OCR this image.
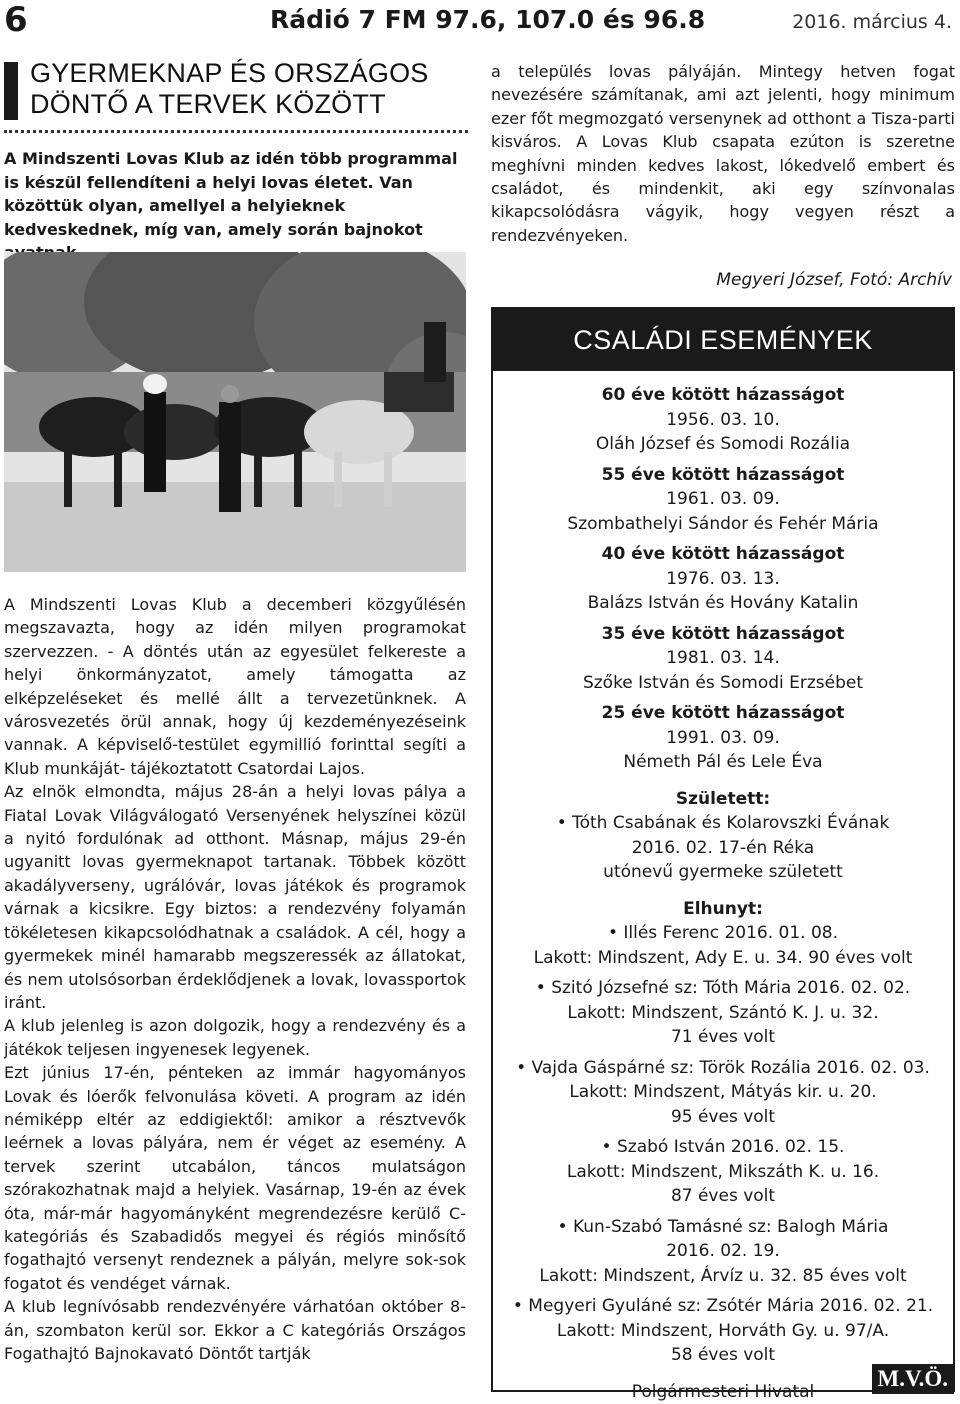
6	Rádió 7 FM 97.6, 107.0 és 96.8	2016. március 4.
GYERMEKNAP ÉS ORSZÁGOS
DÖNTŐ A TERVEK KÖZÖTT
A Mindszenti Lovas Klub az idén több programmal is készül fellendíteni a helyi lovas életet. Van közöttük olyan, amellyel a helyieknek kedveskednek, míg van, amely során bajnokot

A Mindszenti Lovas Klub a decemberi közgyűlésén megszavazta, hogy az idén milyen programokat szervezzen. - A döntés után az egyesület felkereste a helyi önkormányzatot, amely támogatta az elképzeléseket és mellé állt a tervezetünknek. A városvezetés örül annak, hogy új kezdeményezéseink vannak. A képviselő-testület egymillió forinttal segíti a Klub munkáját- tájékoztatott Csatordai Lajos.

Az elnök elmondta, május 28-án a helyi lovas pálya a Fiatal Lovak Világválogató Versenyének helyszínei közül a nyitó fordulónak ad otthont. Másnap, május 29-én ugyanitt lovas gyermeknapot tartanak. Többek között akadályverseny, ugrálóvár, lovas játékok és programok várnak a kicsikre. Egy biztos: a rendezvény folyamán tökéletesen kikapcsolódhatnak a családok. A cél, hogy a gyermekek minél hamarabb megszeressék az állatokat, és nem utolsósorban érdeklődjenek a lovak, lovassportok iránt.

A klub jelenleg is azon dolgozik, hogy a rendezvény és a játékok teljesen ingyenesek legyenek.

Ezt június 17-én, pénteken az immár hagyományos Lovak és lóerők felvonulása követi. A program az idén némiképp eltér az eddigiektől: amikor a résztvevők leérnek a lovas pályára, nem ér véget az esemény. A tervek szerint utcabálon, táncos mulatságon szórakozhatnak majd a helyiek. Vasárnap, 19-én az évek óta, már-már hagyományként megrendezésre kerülő C-kategóriás és Szabadidős megyei és régiós minősítő fogathajtó versenyt rendeznek a pályán, melyre sok-sok fogatot és vendéget várnak.

A klub legnívósabb rendezvényére várhatóan október 8-án, szombaton kerül sor. Ekkor a C kategóriás Országos Fogathajtó Bajnokavató Döntőt tartják

a település lovas pályáján. Mintegy hetven fogat nevezésére számítanak, ami azt jelenti, hogy minimum ezer főt megmozgató versenynek ad otthont a Tisza-parti kisváros. A Lovas Klub csapata ezúton is szeretne meghívni minden kedves lakost, lókedvelő embert és családot, és mindenkit, aki egy színvonalas kikapcsolódásra vágyik, hogy vegyen részt a rendezvényeken.

Megyeri József, Fotó: Archív
CSALÁDI ESEMÉNYEK
60 éve kötött házasságot
1956. 03. 10.
Oláh József és Somodi Rozália
55 éve kötött házasságot
1961. 03. 09.
Szombathelyi Sándor és Fehér Mária
40 éve kötött házasságot
1976. 03. 13.
Balázs István és Hovány Katalin
35 éve kötött házasságot
1981. 03. 14.
Szőke István és Somodi Erzsébet
25 éve kötött házasságot
1991. 03. 09.
Németh Pál és Lele Éva
Született:
• Tóth Csabának és Kolarovszki Évának
2016. 02. 17-én Réka
utónevű gyermeke született
Elhunyt:
• Illés Ferenc 2016. 01. 08.
Lakott: Mindszent, Ady E. u. 34. 90 éves volt
• Szitó Józsefné sz: Tóth Mária 2016. 02. 02.
Lakott: Mindszent, Szántó K. J. u. 32.
71 éves volt
• Vajda Gáspárné sz: Török Rozália 2016. 02. 03.
Lakott: Mindszent, Mátyás kir. u. 20.
95 éves volt
• Szabó István 2016. 02. 15.
Lakott: Mindszent, Mikszáth K. u. 16.
87 éves volt
• Kun-Szabó Tamásné sz: Balogh Mária
2016. 02. 19.
Lakott: Mindszent, Árvíz u. 32. 85 éves volt
• Megyeri Gyuláné sz: Zsótér Mária 2016. 02. 21.
Lakott: Mindszent, Horváth Gy. u. 97/A.
58 éves volt
Polgármesteri Hivatal
M.V.Ö.
